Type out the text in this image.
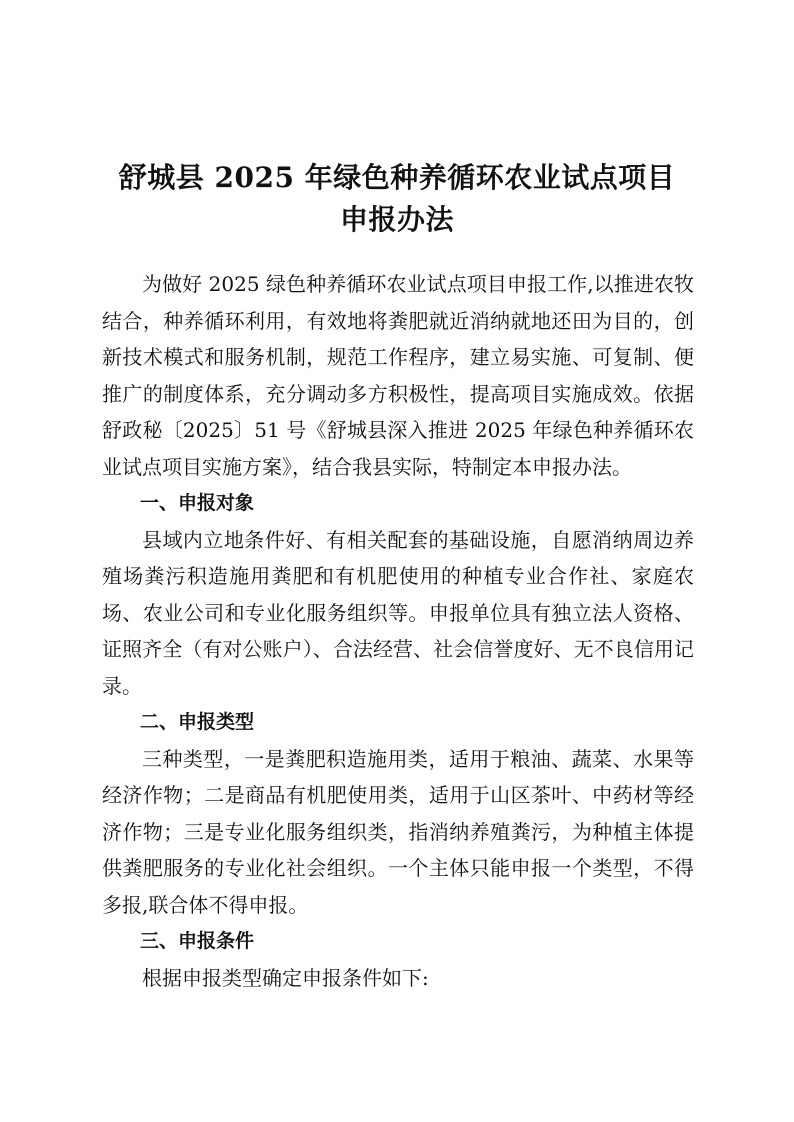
舒城县 2025 年绿色种养循环农业试点项目
申报办法

为做好 2025 绿色种养循环农业试点项目申报工作,以推进农牧结合，种养循环利用，有效地将粪肥就近消纳就地还田为目的，创新技术模式和服务机制，规范工作程序，建立易实施、可复制、便推广的制度体系，充分调动多方积极性，提高项目实施成效。依据舒政秘〔2025〕51 号《舒城县深入推进 2025 年绿色种养循环农业试点项目实施方案》，结合我县实际，特制定本申报办法。

一、申报对象

县域内立地条件好、有相关配套的基础设施，自愿消纳周边养殖场粪污积造施用粪肥和有机肥使用的种植专业合作社、家庭农场、农业公司和专业化服务组织等。申报单位具有独立法人资格、证照齐全（有对公账户）、合法经营、社会信誉度好、无不良信用记录。

二、申报类型

三种类型，一是粪肥积造施用类，适用于粮油、蔬菜、水果等经济作物；二是商品有机肥使用类，适用于山区茶叶、中药材等经济作物；三是专业化服务组织类，指消纳养殖粪污，为种植主体提供粪肥服务的专业化社会组织。一个主体只能申报一个类型，不得多报,联合体不得申报。

三、申报条件

根据申报类型确定申报条件如下:
